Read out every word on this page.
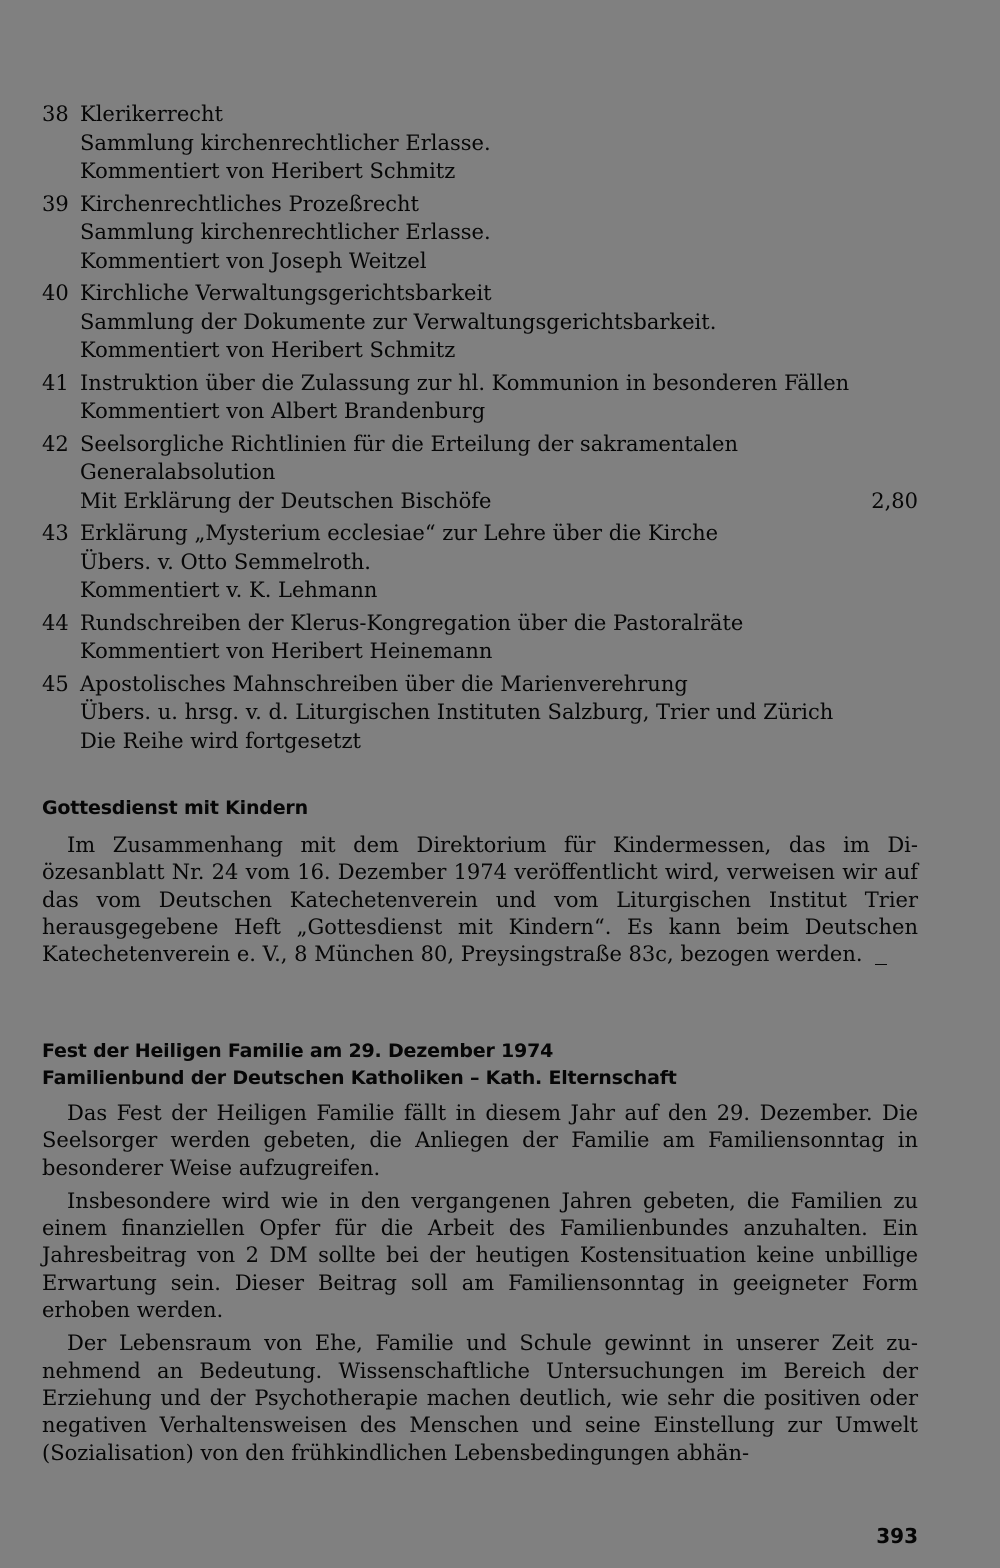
38 Klerikerrecht
Sammlung kirchenrechtlicher Erlasse.
Kommentiert von Heribert Schmitz
39 Kirchenrechtliches Prozeßrecht
Sammlung kirchenrechtlicher Erlasse.
Kommentiert von Joseph Weitzel
40 Kirchliche Verwaltungsgerichtsbarkeit
Sammlung der Dokumente zur Verwaltungsgerichtsbarkeit.
Kommentiert von Heribert Schmitz
41 Instruktion über die Zulassung zur hl. Kommunion in besonderen Fällen
Kommentiert von Albert Brandenburg
42 Seelsorgliche Richtlinien für die Erteilung der sakramentalen
Generalabsolution
Mit Erklärung der Deutschen Bischöfe	2,80
43 Erklärung „Mysterium ecclesiae“ zur Lehre über die Kirche
Übers. v. Otto Semmelroth.
Kommentiert v. K. Lehmann
44 Rundschreiben der Klerus-Kongregation über die Pastoralräte
Kommentiert von Heribert Heinemann
45 Apostolisches Mahnschreiben über die Marienverehrung
Übers. u. hrsg. v. d. Liturgischen Instituten Salzburg, Trier und Zürich
Die Reihe wird fortgesetzt
Gottesdienst mit Kindern

Im Zusammenhang mit dem Direktorium für Kindermessen, das im Diözesanblatt Nr. 24 vom 16. Dezember 1974 veröffentlicht wird, verweisen wir auf das vom Deutschen Katechetenverein und vom Liturgischen Institut Trier herausgegebene Heft „Gottesdienst mit Kindern“. Es kann beim Deutschen Katechetenverein e. V., 8 München 80, Preysingstraße 83c, bezogen werden.

Fest der Heiligen Familie am 29. Dezember 1974
Familienbund der Deutschen Katholiken – Kath. Elternschaft

Das Fest der Heiligen Familie fällt in diesem Jahr auf den 29. Dezember. Die Seelsorger werden gebeten, die Anliegen der Familie am Familiensonntag in besonderer Weise aufzugreifen.

Insbesondere wird wie in den vergangenen Jahren gebeten, die Familien zu einem finanziellen Opfer für die Arbeit des Familienbundes anzuhalten. Ein Jahresbeitrag von 2 DM sollte bei der heutigen Kostensituation keine unbillige Erwartung sein. Dieser Beitrag soll am Familiensonntag in geeigneter Form erhoben werden.

Der Lebensraum von Ehe, Familie und Schule gewinnt in unserer Zeit zunehmend an Bedeutung. Wissenschaftliche Untersuchungen im Bereich der Erziehung und der Psychotherapie machen deutlich, wie sehr die positiven oder negativen Verhaltensweisen des Menschen und seine Einstellung zur Umwelt (Sozialisation) von den frühkindlichen Lebensbedingungen abhän-

393
